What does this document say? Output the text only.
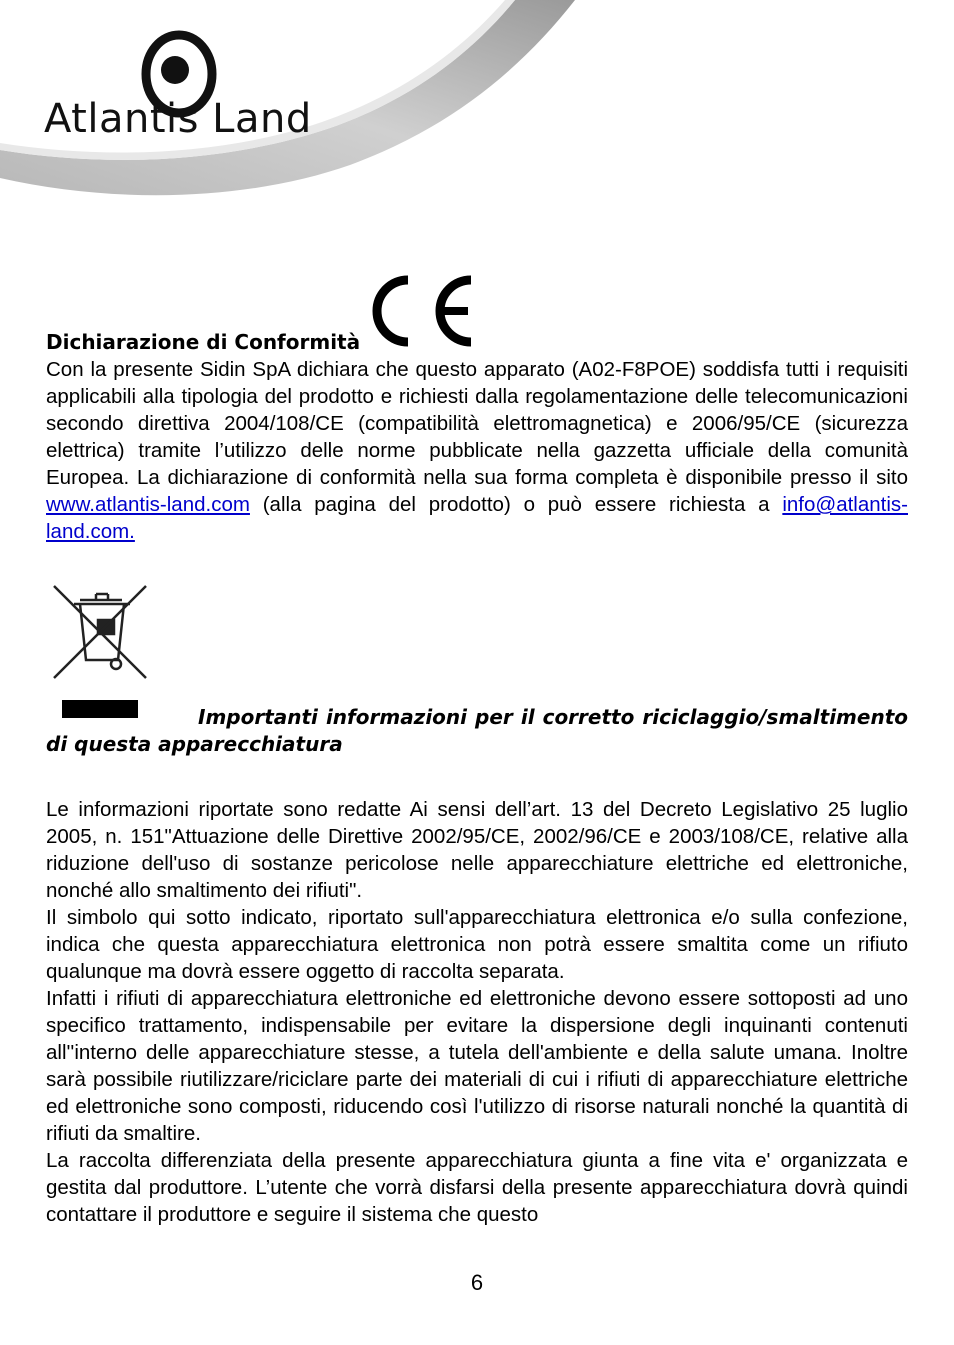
Atlantis Land
Dichiarazione di Conformità

Con la presente Sidin SpA dichiara che questo apparato (A02-F8POE) soddisfa tutti i requisiti applicabili alla tipologia del prodotto e richiesti dalla regolamentazione delle telecomunicazioni secondo direttiva 2004/108/CE (compatibilità elettromagnetica) e 2006/95/CE (sicurezza elettrica) tramite l’utilizzo delle norme pubblicate nella gazzetta ufficiale della comunità Europea. La dichiarazione di conformità nella sua forma completa è disponibile presso il sito www.atlantis-land.com (alla pagina del prodotto) o può essere richiesta a info@atlantis-land.com.

Importanti informazioni per il corretto riciclaggio/smaltimento di questa apparecchiatura

Le informazioni riportate sono redatte Ai sensi dell’art. 13 del Decreto Legislativo 25 luglio 2005, n. 151"Attuazione delle Direttive 2002/95/CE, 2002/96/CE e 2003/108/CE, relative alla riduzione dell'uso di sostanze pericolose nelle apparecchiature elettriche ed elettroniche, nonché allo smaltimento dei rifiuti".

Il simbolo qui sotto indicato, riportato sull'apparecchiatura elettronica e/o sulla confezione, indica che questa apparecchiatura elettronica non potrà essere smaltita come un rifiuto qualunque ma dovrà essere oggetto di raccolta separata.

Infatti i rifiuti di apparecchiatura elettroniche ed elettroniche devono essere sottoposti ad uno specifico trattamento, indispensabile per evitare la dispersione degli inquinanti contenuti all''interno delle apparecchiature stesse, a tutela dell'ambiente e della salute umana. Inoltre sarà possibile riutilizzare/riciclare parte dei materiali di cui i rifiuti di apparecchiature elettriche ed elettroniche sono composti, riducendo così l'utilizzo di risorse naturali nonché la quantità di rifiuti da smaltire.

La raccolta differenziata della presente apparecchiatura giunta a fine vita e' organizzata e gestita dal produttore. L’utente che vorrà disfarsi della presente apparecchiatura dovrà quindi contattare il produttore e seguire il sistema che questo

6
